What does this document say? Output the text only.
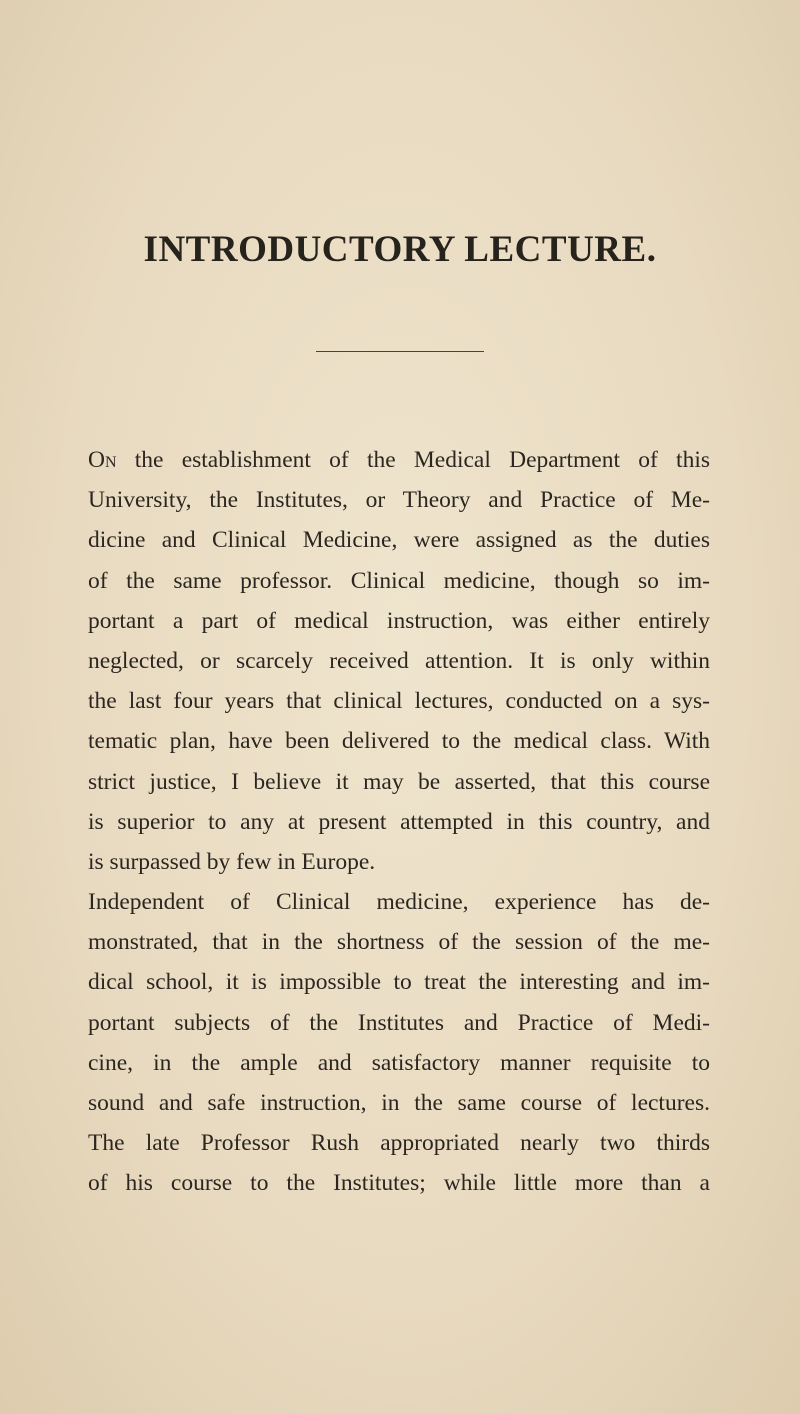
INTRODUCTORY LECTURE.
On the establishment of the Medical Department of this
University, the Institutes, or Theory and Practice of Me-
dicine and Clinical Medicine, were assigned as the duties
of the same professor. Clinical medicine, though so im-
portant a part of medical instruction, was either entirely
neglected, or scarcely received attention. It is only within
the last four years that clinical lectures, conducted on a sys-
tematic plan, have been delivered to the medical class. With
strict justice, I believe it may be asserted, that this course
is superior to any at present attempted in this country, and
is surpassed by few in Europe.
Independent of Clinical medicine, experience has de-
monstrated, that in the shortness of the session of the me-
dical school, it is impossible to treat the interesting and im-
portant subjects of the Institutes and Practice of Medi-
cine, in the ample and satisfactory manner requisite to
sound and safe instruction, in the same course of lectures.
The late Professor Rush appropriated nearly two thirds
of his course to the Institutes; while little more than a
